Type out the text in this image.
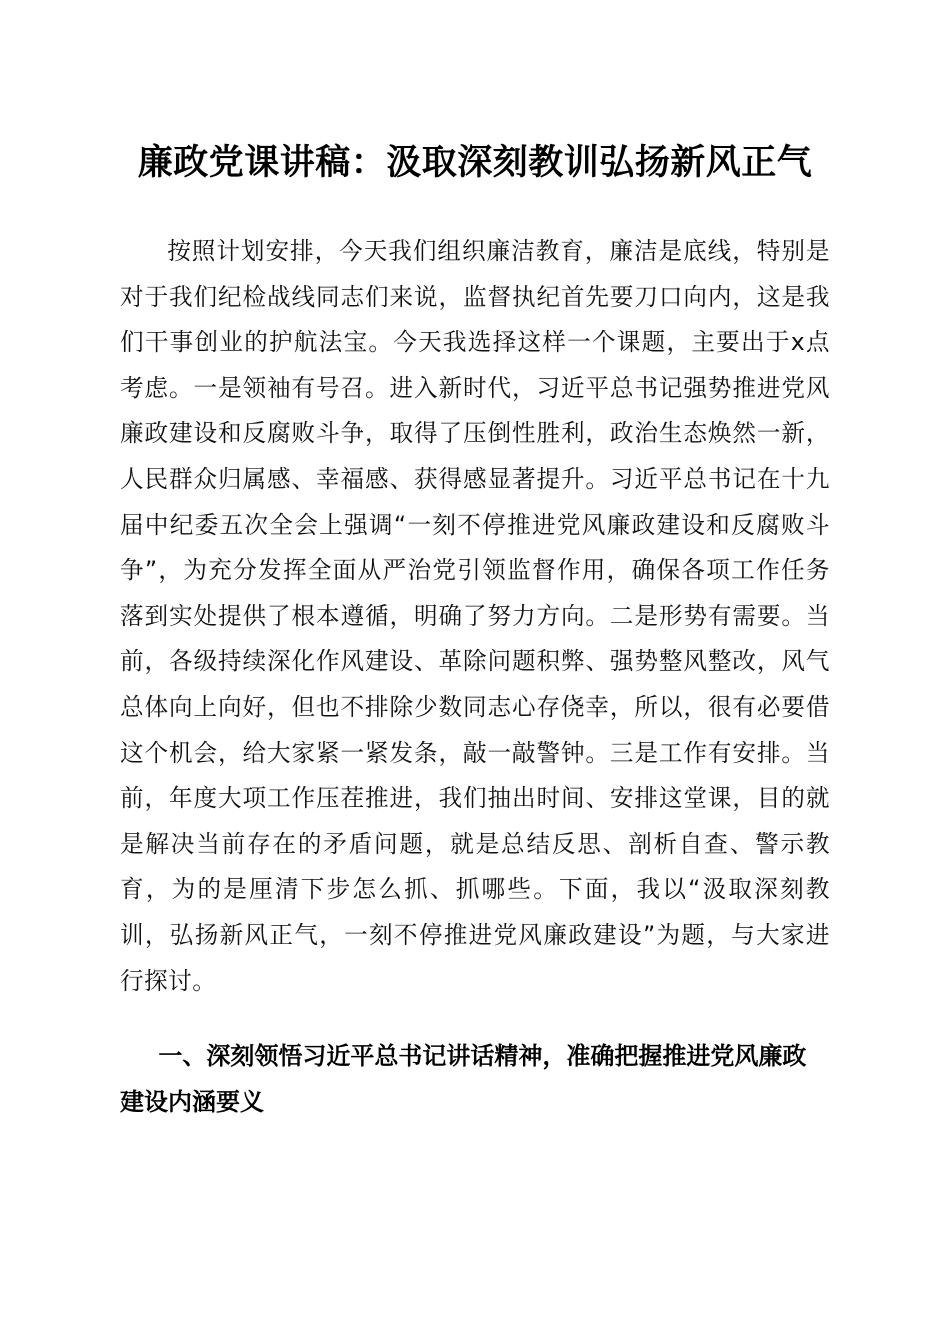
廉政党课讲稿：汲取深刻教训弘扬新风正气

按照计划安排，今天我们组织廉洁教育，廉洁是底线，特别是对于我们纪检战线同志们来说，监督执纪首先要刀口向内，这是我们干事创业的护航法宝。今天我选择这样一个课题，主要出于x点考虑。一是领袖有号召。进入新时代，习近平总书记强势推进党风廉政建设和反腐败斗争，取得了压倒性胜利，政治生态焕然一新，人民群众归属感、幸福感、获得感显著提升。习近平总书记在十九届中纪委五次全会上强调“一刻不停推进党风廉政建设和反腐败斗争”，为充分发挥全面从严治党引领监督作用，确保各项工作任务落到实处提供了根本遵循，明确了努力方向。二是形势有需要。当前，各级持续深化作风建设、革除问题积弊、强势整风整改，风气总体向上向好，但也不排除少数同志心存侥幸，所以，很有必要借这个机会，给大家紧一紧发条，敲一敲警钟。三是工作有安排。当前，年度大项工作压茬推进，我们抽出时间、安排这堂课，目的就是解决当前存在的矛盾问题，就是总结反思、剖析自查、警示教育，为的是厘清下步怎么抓、抓哪些。下面，我以“汲取深刻教训，弘扬新风正气，一刻不停推进党风廉政建设”为题，与大家进行探讨。

一、深刻领悟习近平总书记讲话精神，准确把握推进党风廉政建设内涵要义
